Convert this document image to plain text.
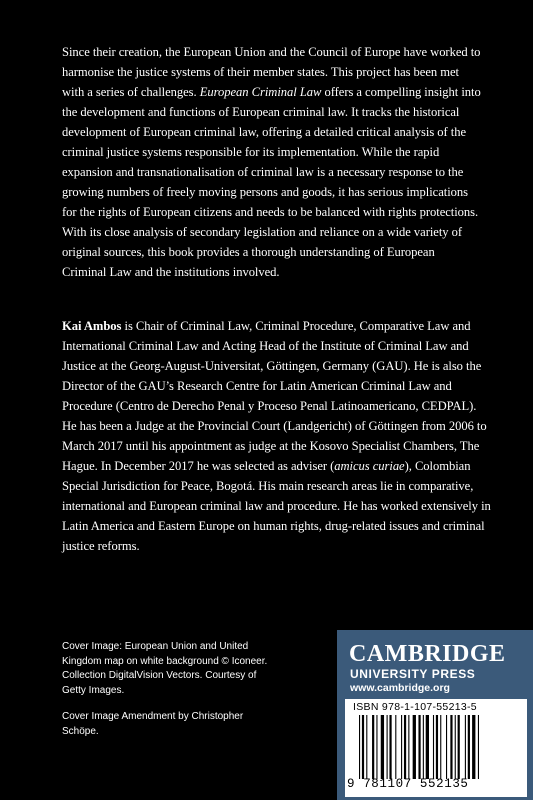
Since their creation, the European Union and the Council of Europe have worked to harmonise the justice systems of their member states. This project has been met with a series of challenges. European Criminal Law offers a compelling insight into the development and functions of European criminal law. It tracks the historical development of European criminal law, offering a detailed critical analysis of the criminal justice systems responsible for its implementation. While the rapid expansion and transnationalisation of criminal law is a necessary response to the growing numbers of freely moving persons and goods, it has serious implications for the rights of European citizens and needs to be balanced with rights protections. With its close analysis of secondary legislation and reliance on a wide variety of original sources, this book provides a thorough understanding of European Criminal Law and the institutions involved.

Kai Ambos is Chair of Criminal Law, Criminal Procedure, Comparative Law and International Criminal Law and Acting Head of the Institute of Criminal Law and Justice at the Georg-August-Universitat, Göttingen, Germany (GAU). He is also the Director of the GAU’s Research Centre for Latin American Criminal Law and Procedure (Centro de Derecho Penal y Proceso Penal Latinoamericano, CEDPAL). He has been a Judge at the Provincial Court (Landgericht) of Göttingen from 2006 to March 2017 until his appointment as judge at the Kosovo Specialist Chambers, The Hague. In December 2017 he was selected as adviser (amicus curiae), Colombian Special Jurisdiction for Peace, Bogotá. His main research areas lie in comparative, international and European criminal law and procedure. He has worked extensively in Latin America and Eastern Europe on human rights, drug-related issues and criminal justice reforms.

Cover Image: European Union and United Kingdom map on white background © Iconeer. Collection DigitalVision Vectors. Courtesy of Getty Images.

Cover Image Amendment by Christopher Schöpe.

CAMBRIDGE
UNIVERSITY PRESS
www.cambridge.org
ISBN 978-1-107-55213-5
9 781107 552135
